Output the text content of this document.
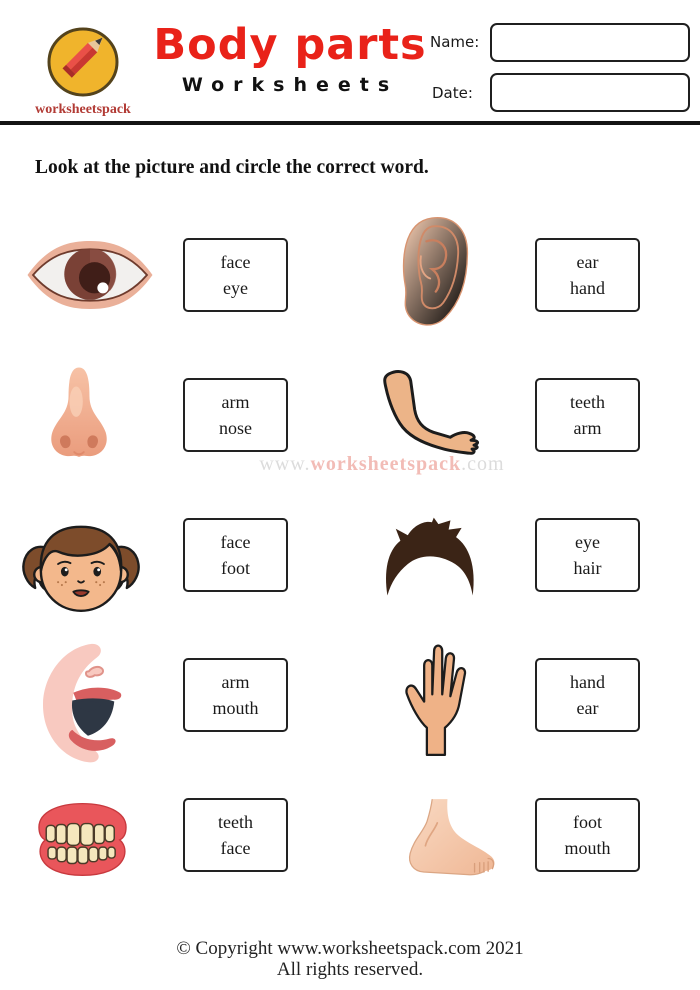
worksheetspack
Body parts
Worksheets
Name:
Date:
Look at the picture and circle the correct word.
face
eye
ear
hand
arm
nose
teeth
arm
www.worksheetspack.com
face
foot
eye
hair
arm
mouth
hand
ear
teeth
face
foot
mouth
© Copyright www.worksheetspack.com 2021
All rights reserved.
